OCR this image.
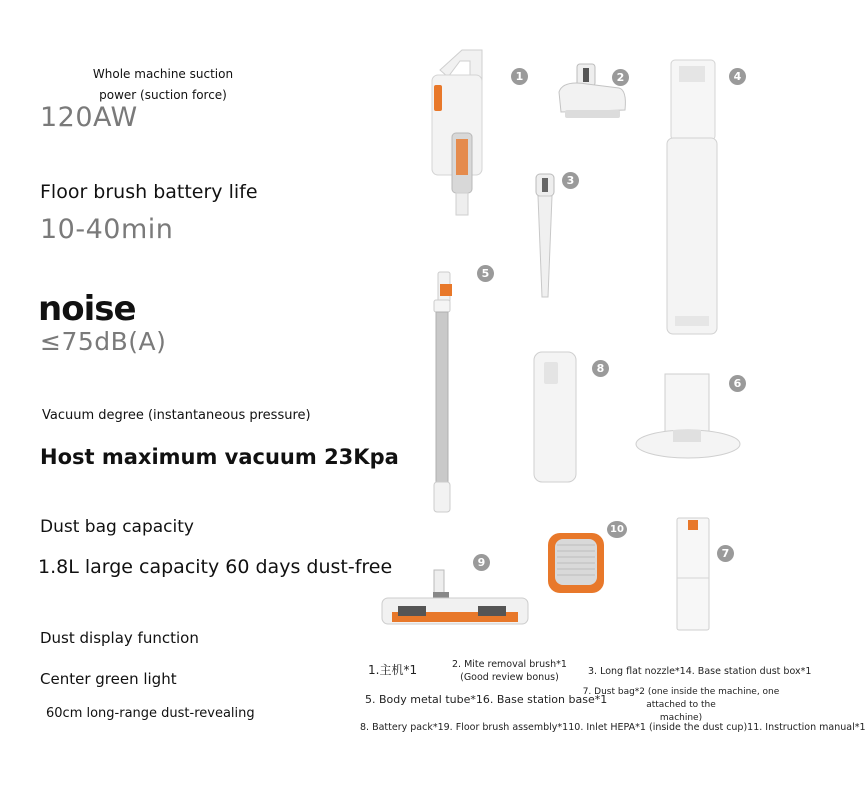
Whole machine suction
power (suction force)
120AW
Floor brush battery life
10-40min
noise
≤75dB(A)
Vacuum degree (instantaneous pressure)
Host maximum vacuum 23Kpa
Dust bag capacity
1.8L large capacity 60 days dust-free
Dust display function
Center green light
60cm long-range dust-revealing
1	2
3
4
5
6
7
8
9
10
1.主机*1	2. Mite removal brush*1
(Good review bonus)
3. Long flat nozzle*14. Base station dust box*1
5. Body metal tube*16. Base station base*1
7. Dust bag*2 (one inside the machine, one attached to the
machine)
8. Battery pack*19. Floor brush assembly*110. Inlet HEPA*1 (inside the dust cup)11. Instruction manual*1
